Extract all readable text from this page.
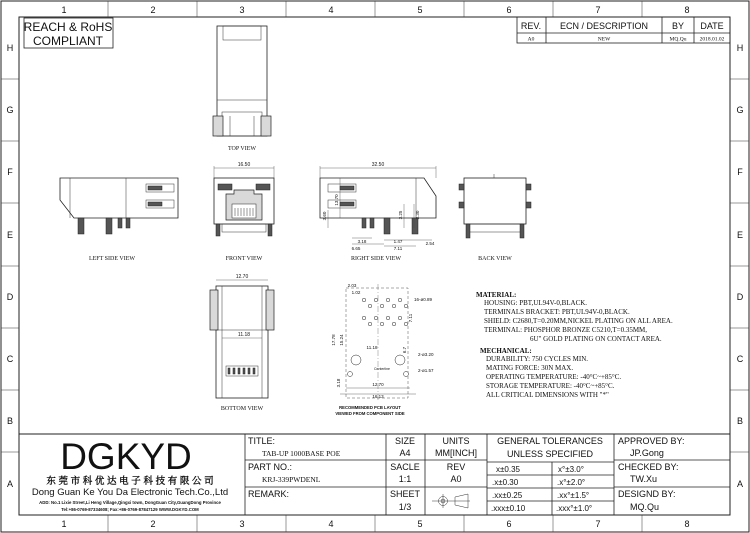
1	2	3	4	5	6	7	8
1	2	3	4	5	6	7	8
H
G
F
E
D
C
B
A
H
G
F
E
D
C
B
A
REACH & RoHS
COMPLIANT
REV. ECN / DESCRIPTION	BY DATE
A0	NEW	MQ.Qu 2018.01.02
TOP VIEW
LEFT SIDE VIEW
16.50
FRONT VIEW
32.50
13.70
3.60	3.25	3.30
3.18
6.65
1.47
7.11
2.54
RIGHT SIDE VIEW	BACK VIEW
12.70
11.18
BOTTOM VIEW
2.03
1.02
16-ø0.89
17.78 15.24
7.11
11.18	6.7
2-ø3.20
2-ø1.57
3.18	12.70
16.13
Centerline
RECOMMENDED PCB LAYOUT
VIEWED FROM COMPONENT SIDE
MATERIAL:
HOUSING: PBT,UL94V-0,BLACK.
TERMINALS BRACKET: PBT,UL94V-0,BLACK.
SHIELD: C2680,T=0.20MM,NICKEL PLATING ON ALL AREA.
TERMINAL: PHOSPHOR BRONZE C5210,T=0.35MM,
6U" GOLD PLATING ON CONTACT AREA.
MECHANICAL:
DURABILITY: 750 CYCLES MIN.
MATING FORCE: 30N MAX.
OPERATING TEMPERATURE: -40°C~+85°C.
STORAGE TEMPERATURE: -40°C~+85°C.
ALL CRITICAL DIMENSIONS WITH "*"
DGKYD
东 莞 市 科 优 达 电 子 科 技 有 限 公 司
Dong Guan Ke You Da Electronic Tech.Co.,Ltd
ADD: No.1 Lixie Street,Li Heng Village,Qingxi town, DongGuan City,GuangDong Province
Tel:+86-0769-87334608; Fax:+86-0769-87847129 WWW.DGKYD.COM
TITLE:
TAB-UP 1000BASE POE
PART NO.:
KRJ-339PWDENL
REMARK:
SIZE
A4
UNITS
MM[INCH]
SACLE
1:1
REV
A0
SHEET
1/3
GENERAL TOLERANCES
UNLESS SPECIFIED
x±0.35	x°±3.0°
.x±0.30	.x°±2.0°
.xx±0.25	.xx°±1.5°
.xxx±0.10	.xxx°±1.0°
APPROVED BY:
JP.Gong
CHECKED BY:
TW.Xu
DESIGND BY:
MQ.Qu
